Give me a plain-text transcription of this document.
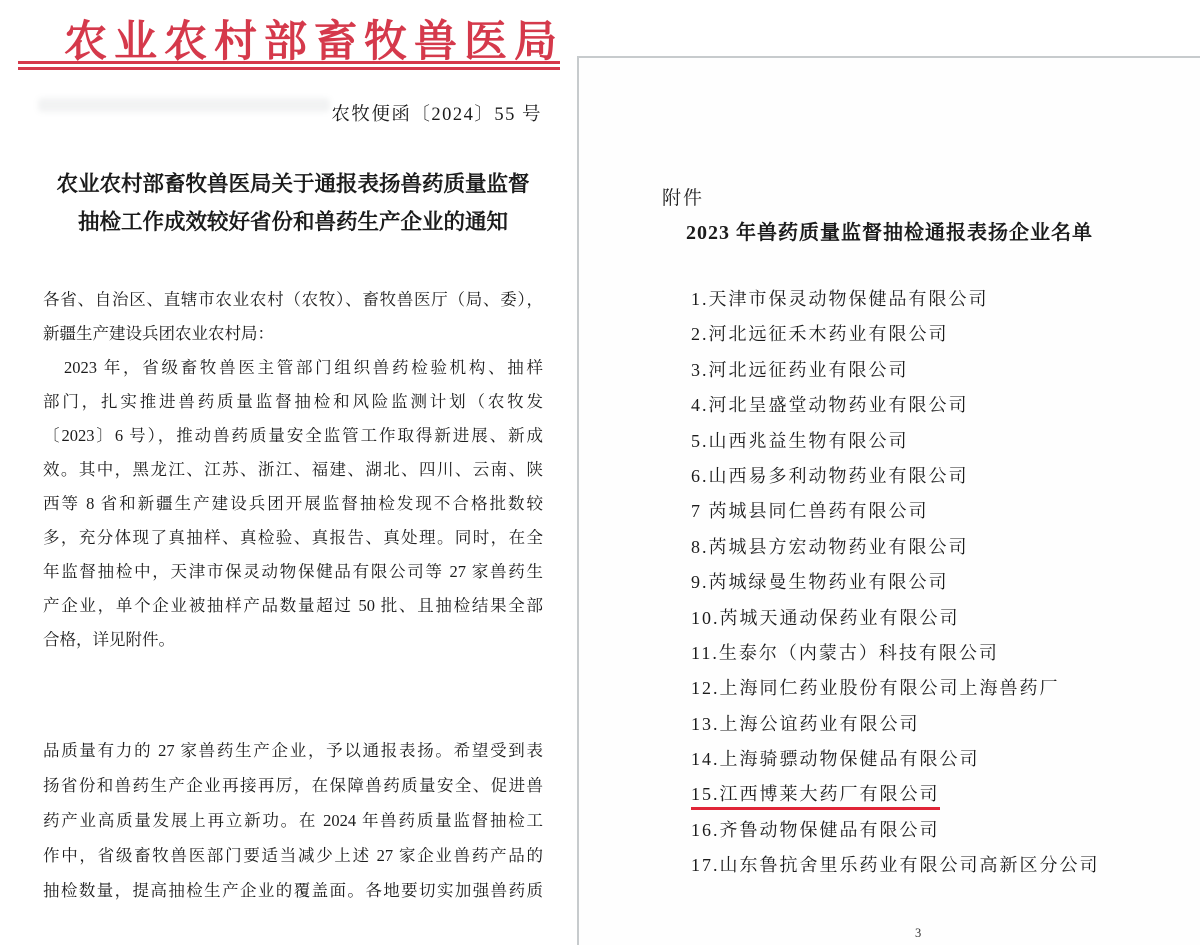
农业农村部畜牧兽医局
农牧便函〔2024〕55 号
农业农村部畜牧兽医局关于通报表扬兽药质量监督
抽检工作成效较好省份和兽药生产企业的通知
各省、自治区、直辖市农业农村（农牧）、畜牧兽医厅（局、委），
新疆生产建设兵团农业农村局：
2023 年，省级畜牧兽医主管部门组织兽药检验机构、抽样
部门，扎实推进兽药质量监督抽检和风险监测计划（农牧发
〔2023〕6 号），推动兽药质量安全监管工作取得新进展、新成
效。其中，黑龙江、江苏、浙江、福建、湖北、四川、云南、陕
西等 8 省和新疆生产建设兵团开展监督抽检发现不合格批数较
多，充分体现了真抽样、真检验、真报告、真处理。同时，在全
年监督抽检中，天津市保灵动物保健品有限公司等 27 家兽药生
产企业，单个企业被抽样产品数量超过 50 批、且抽检结果全部
合格，详见附件。
品质量有力的 27 家兽药生产企业，予以通报表扬。希望受到表
扬省份和兽药生产企业再接再厉，在保障兽药质量安全、促进兽
药产业高质量发展上再立新功。在 2024 年兽药质量监督抽检工
作中，省级畜牧兽医部门要适当减少上述 27 家企业兽药产品的
抽检数量，提高抽检生产企业的覆盖面。各地要切实加强兽药质
附件
2023 年兽药质量监督抽检通报表扬企业名单
1.天津市保灵动物保健品有限公司
2.河北远征禾木药业有限公司
3.河北远征药业有限公司
4.河北呈盛堂动物药业有限公司
5.山西兆益生物有限公司
6.山西易多利动物药业有限公司
7 芮城县同仁兽药有限公司
8.芮城县方宏动物药业有限公司
9.芮城绿曼生物药业有限公司
10.芮城天通动保药业有限公司
11.生泰尔（内蒙古）科技有限公司
12.上海同仁药业股份有限公司上海兽药厂
13.上海公谊药业有限公司
14.上海骑骠动物保健品有限公司
15.江西博莱大药厂有限公司
16.齐鲁动物保健品有限公司
17.山东鲁抗舍里乐药业有限公司高新区分公司
3
